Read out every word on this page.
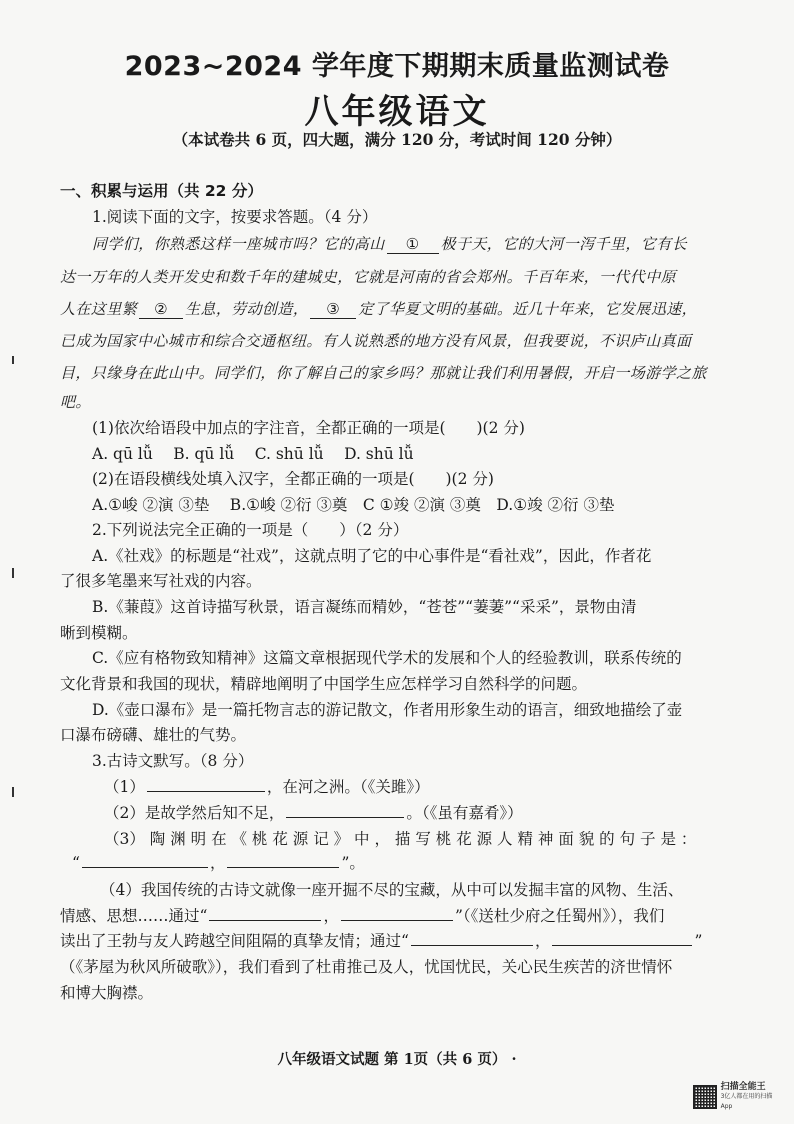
2023~2024 学年度下期期末质量监测试卷
八年级语文
（本试卷共 6 页，四大题，满分 120 分，考试时间 120 分钟）
一、积累与运用（共 22 分）
1.阅读下面的文字，按要求答题。（4 分）
同学们，你熟悉这样一座城市吗？它的高山 ① 极于天，它的大河一泻千里，它有长
达一万年的人类开发史和数千年的建城史，它就是河南的省会郑州。千百年来，一代代中原
人在这里繁 ② 生息，劳动创造， ③ 定了华夏文明的基础。近几十年来，它发展迅速，
已成为国家中心城市和综合交通枢纽。有人说熟悉的地方没有风景，但我要说，不识庐山真面
目，只缘身在此山中。同学们，你了解自己的家乡吗？那就让我们利用暑假，开启一场游学之旅
吧。
(1)依次给语段中加点的字注音，全都正确的一项是(　　)(2 分)
A. qū lǚ　 B. qū lǚ　 C. shū lǚ　 D. shū lǚ
(2)在语段横线处填入汉字，全都正确的一项是(　　)(2 分)
A.①峻 ②演 ③垫　 B.①峻 ②衍 ③奠　C ①竣 ②演 ③奠　D.①竣 ②衍 ③垫
2.下列说法完全正确的一项是（　　）（2 分）
A.《社戏》的标题是“社戏”，这就点明了它的中心事件是“看社戏”，因此，作者花
了很多笔墨来写社戏的内容。
B.《蒹葭》这首诗描写秋景，语言凝练而精妙，“苍苍”“萋萋”“采采”，景物由清
晰到模糊。
C.《应有格物致知精神》这篇文章根据现代学术的发展和个人的经验教训，联系传统的
文化背景和我国的现状，精辟地阐明了中国学生应怎样学习自然科学的问题。
D.《壶口瀑布》是一篇托物言志的游记散文，作者用形象生动的语言，细致地描绘了壶
口瀑布磅礴、雄壮的气势。
3.古诗文默写。（8 分）
（1）	，在河之洲。（《关雎》）
（2）是故学然后知不足，	。（《虽有嘉肴》）
（3） 陶 渊 明 在 《 桃 花 源 记 》 中 ， 描 写 桃 花 源 人 精 神 面 貌 的 句 子 是 ：
“	，	”。
（4）我国传统的古诗文就像一座开掘不尽的宝藏，从中可以发掘丰富的风物、生活、
情感、思想……通过“	，	”（《送杜少府之任蜀州》），我们
读出了王勃与友人跨越空间阻隔的真挚友情；通过“	，	”
（《茅屋为秋风所破歌》），我们看到了杜甫推己及人，忧国忧民，关心民生疾苦的济世情怀
和博大胸襟。
八年级语文试题 第 1页（共 6 页） ·
扫描全能王
3亿人都在用的扫描App
